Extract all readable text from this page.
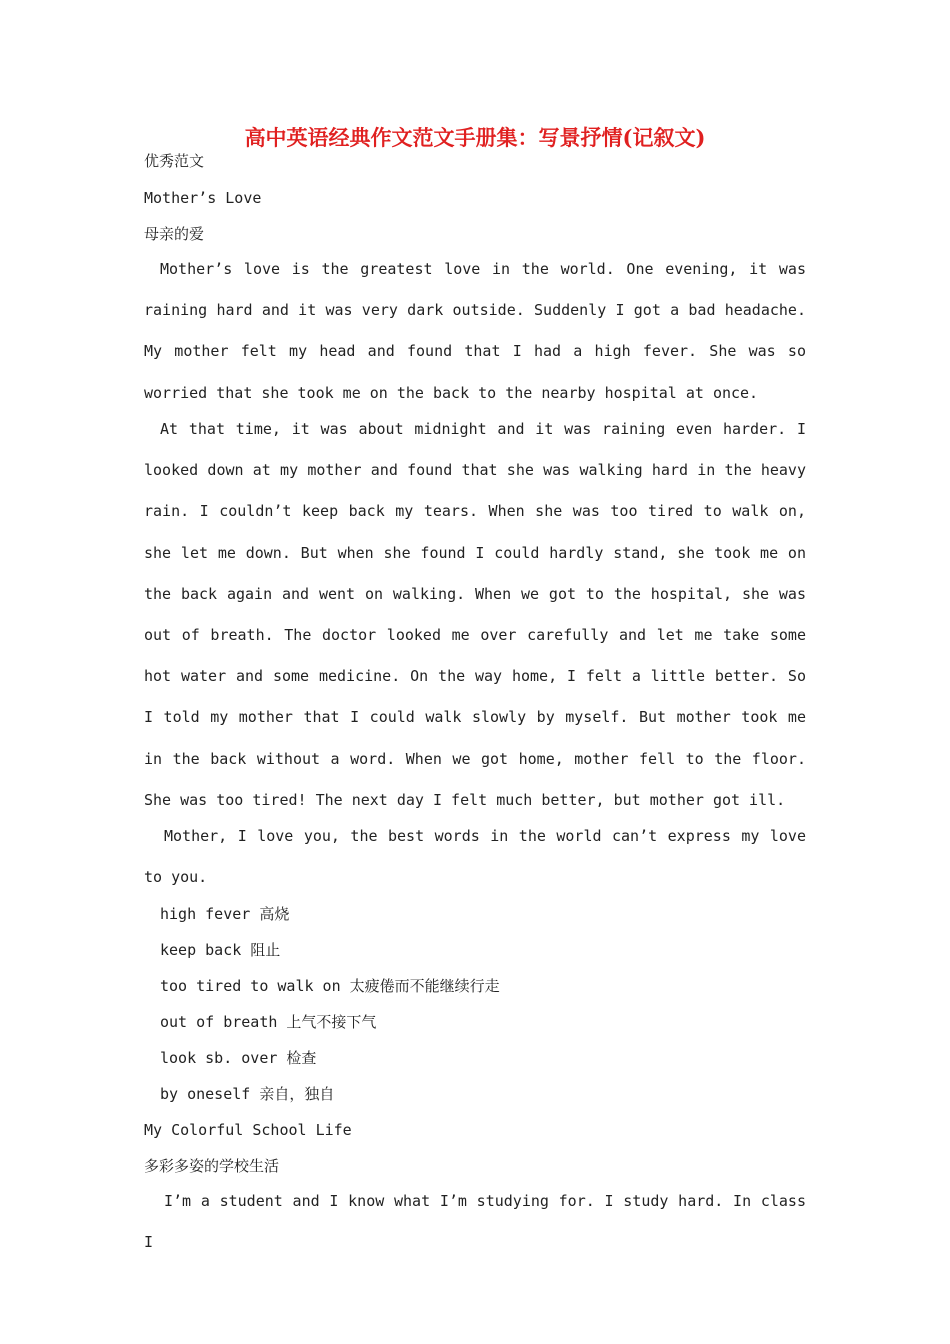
高中英语经典作文范文手册集：写景抒情(记叙文)
优秀范文
Mother’s Love
母亲的爱
Mother’s love is the greatest love in the world. One evening, it was raining hard and it was very dark outside. Suddenly I got a bad headache. My mother felt my head and found that I had a high fever. She was so worried that she took me on the back to the nearby hospital at once.
At that time, it was about midnight and it was raining even harder. I looked down at my mother and found that she was walking hard in the heavy rain. I couldn’t keep back my tears. When she was too tired to walk on, she let me down. But when she found I could hardly stand, she took me on the back again and went on walking. When we got to the hospital, she was out of breath. The doctor looked me over carefully and let me take some hot water and some medicine. On the way home, I felt a little better. So I told my mother that I could walk slowly by myself. But mother took me in the back without a word. When we got home, mother fell to the floor. She was too tired! The next day I felt much better, but mother got ill.
Mother, I love you, the best words in the world can’t express my love to you.
high fever 高烧
keep back 阻止
too tired to walk on 太疲倦而不能继续行走
out of breath 上气不接下气
look sb. over 检查
by oneself 亲自，独自
My Colorful School Life
多彩多姿的学校生活
I’m a student and I know what I’m studying for. I study hard. In class I
